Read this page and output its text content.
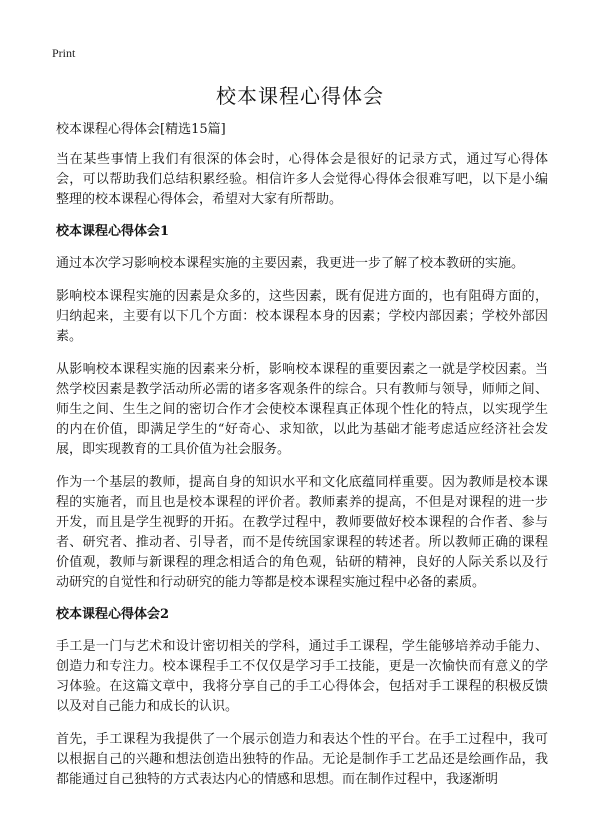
Print
校本课程心得体会

校本课程心得体会[精选15篇]

当在某些事情上我们有很深的体会时，心得体会是很好的记录方式，通过写心得体会，可以帮助我们总结积累经验。相信许多人会觉得心得体会很难写吧，以下是小编整理的校本课程心得体会，希望对大家有所帮助。

校本课程心得体会1

通过本次学习影响校本课程实施的主要因素，我更进一步了解了校本教研的实施。

影响校本课程实施的因素是众多的，这些因素，既有促进方面的，也有阻碍方面的，归纳起来，主要有以下几个方面：校本课程本身的因素；学校内部因素；学校外部因素。

从影响校本课程实施的因素来分析，影响校本课程的重要因素之一就是学校因素。当然学校因素是教学活动所必需的诸多客观条件的综合。只有教师与领导，师师之间、师生之间、生生之间的密切合作才会使校本课程真正体现个性化的特点，以实现学生的内在价值，即满足学生的“好奇心、求知欲，以此为基础才能考虑适应经济社会发展，即实现教育的工具价值为社会服务。

作为一个基层的教师，提高自身的知识水平和文化底蕴同样重要。因为教师是校本课程的实施者，而且也是校本课程的评价者。教师素养的提高，不但是对课程的进一步开发，而且是学生视野的开拓。在教学过程中，教师要做好校本课程的合作者、参与者、研究者、推动者、引导者，而不是传统国家课程的转述者。所以教师正确的课程价值观，教师与新课程的理念相适合的角色观，钻研的精神，良好的人际关系以及行动研究的自觉性和行动研究的能力等都是校本课程实施过程中必备的素质。

校本课程心得体会2

手工是一门与艺术和设计密切相关的学科，通过手工课程，学生能够培养动手能力、创造力和专注力。校本课程手工不仅仅是学习手工技能，更是一次愉快而有意义的学习体验。在这篇文章中，我将分享自己的手工心得体会，包括对手工课程的积极反馈以及对自己能力和成长的认识。

首先，手工课程为我提供了一个展示创造力和表达个性的平台。在手工过程中，我可以根据自己的兴趣和想法创造出独特的作品。无论是制作手工艺品还是绘画作品，我都能通过自己独特的方式表达内心的情感和思想。而在制作过程中，我逐渐明
